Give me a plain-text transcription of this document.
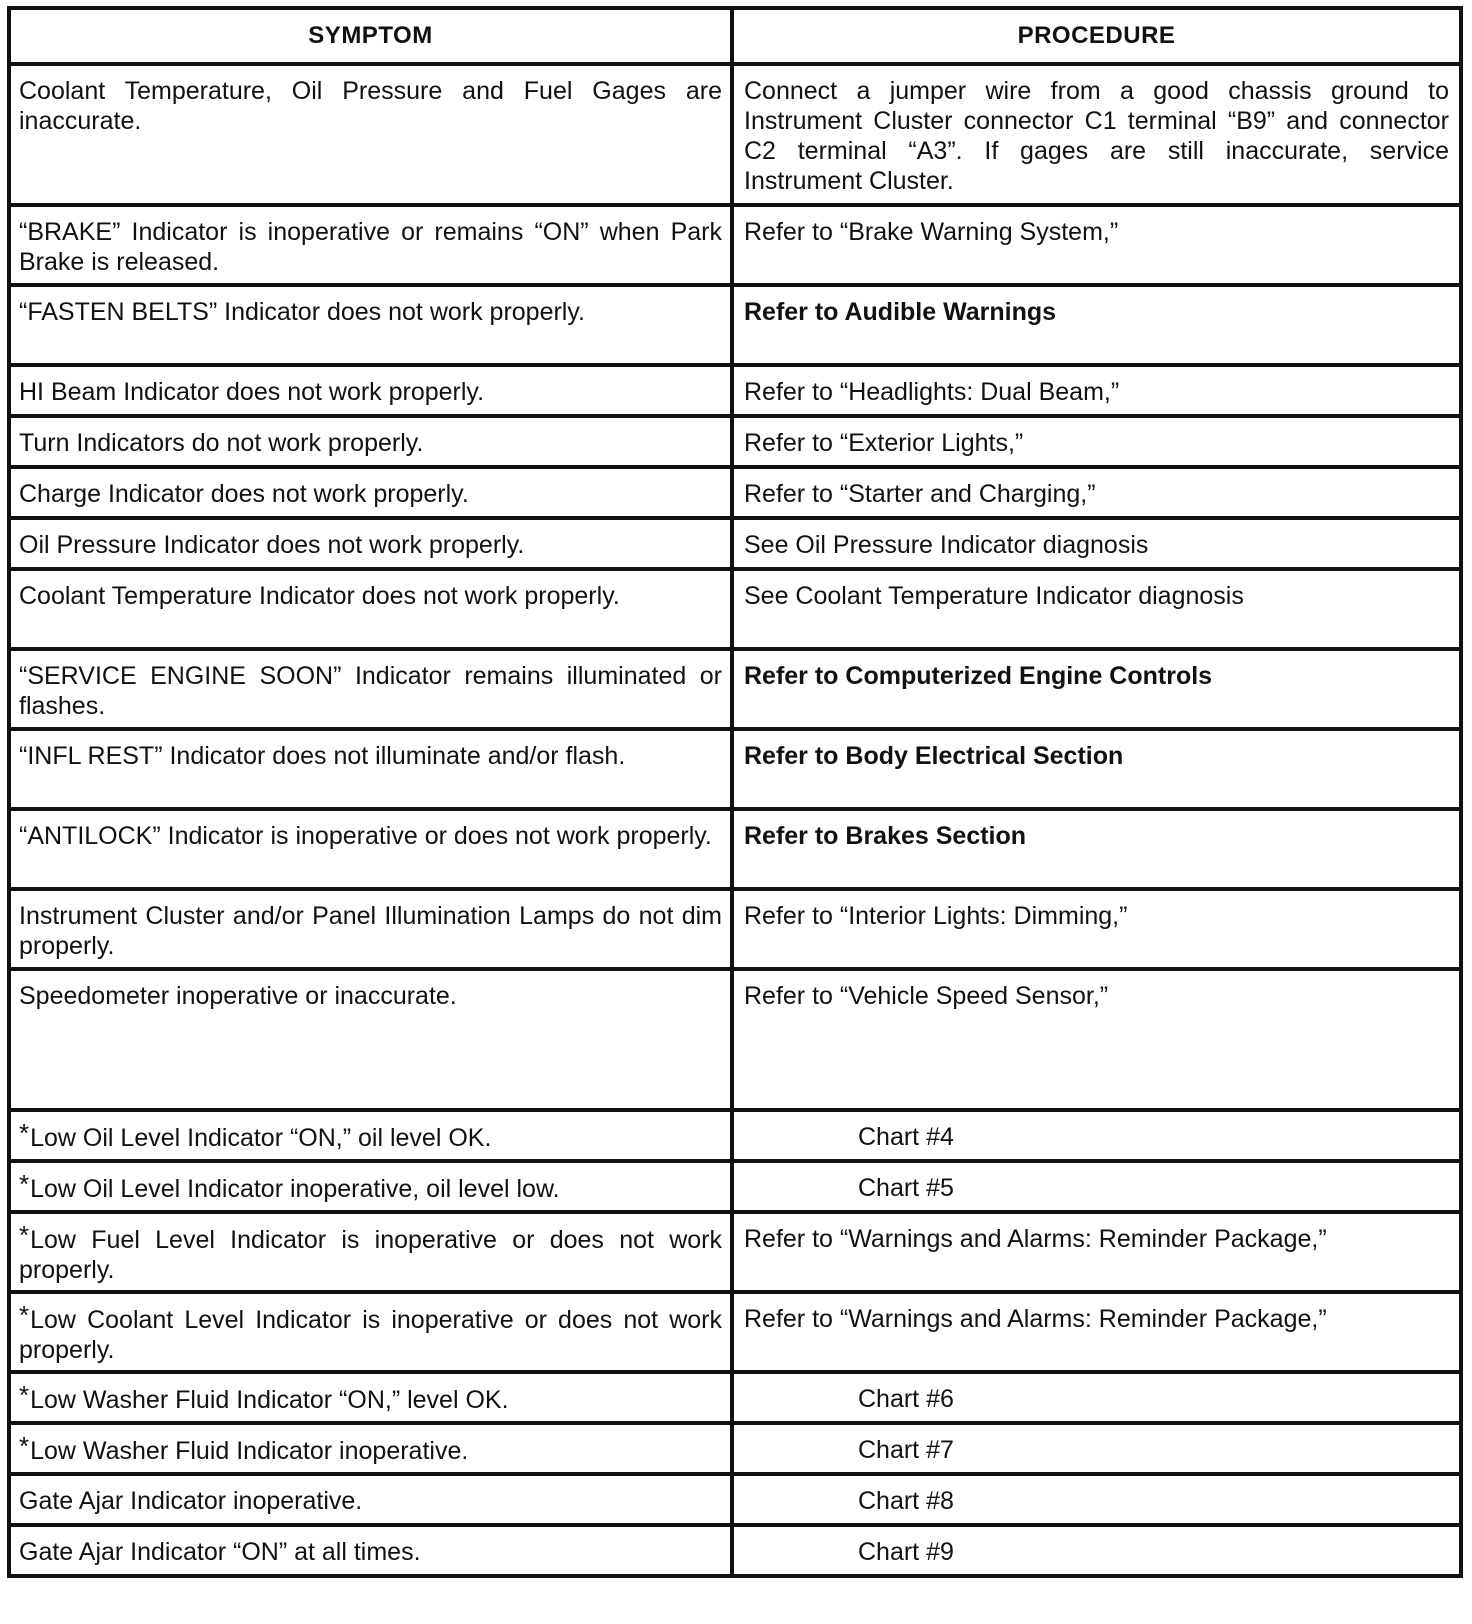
SYMPTOM	PROCEDURE
Coolant Temperature, Oil Pressure and Fuel Gages are inaccurate.	Connect a jumper wire from a good chassis ground to Instrument Cluster connector C1 terminal “B9” and connector C2 terminal “A3”. If gages are still inaccurate, service Instrument Cluster.
“BRAKE” Indicator is inoperative or remains “ON” when Park Brake is released.	Refer to “Brake Warning System,”
“FASTEN BELTS” Indicator does not work properly.	Refer to Audible Warnings
HI Beam Indicator does not work properly.	Refer to “Headlights: Dual Beam,”
Turn Indicators do not work properly.	Refer to “Exterior Lights,”
Charge Indicator does not work properly.	Refer to “Starter and Charging,”
Oil Pressure Indicator does not work properly.	See Oil Pressure Indicator diagnosis
Coolant Temperature Indicator does not work properly.	See Coolant Temperature Indicator diagnosis
“SERVICE ENGINE SOON” Indicator remains illuminated or flashes.	Refer to Computerized Engine Controls
“INFL REST” Indicator does not illuminate and/or flash.	Refer to Body Electrical Section
“ANTILOCK” Indicator is inoperative or does not work properly.	Refer to Brakes Section
Instrument Cluster and/or Panel Illumination Lamps do not dim properly.	Refer to “Interior Lights: Dimming,”
Speedometer inoperative or inaccurate.	Refer to “Vehicle Speed Sensor,”
*Low Oil Level Indicator “ON,” oil level OK.	Chart #4
*Low Oil Level Indicator inoperative, oil level low.	Chart #5
*Low Fuel Level Indicator is inoperative or does not work properly.	Refer to “Warnings and Alarms: Reminder Package,”
*Low Coolant Level Indicator is inoperative or does not work properly.	Refer to “Warnings and Alarms: Reminder Package,”
*Low Washer Fluid Indicator “ON,” level OK.	Chart #6
*Low Washer Fluid Indicator inoperative.	Chart #7
Gate Ajar Indicator inoperative.	Chart #8
Gate Ajar Indicator “ON” at all times.	Chart #9
